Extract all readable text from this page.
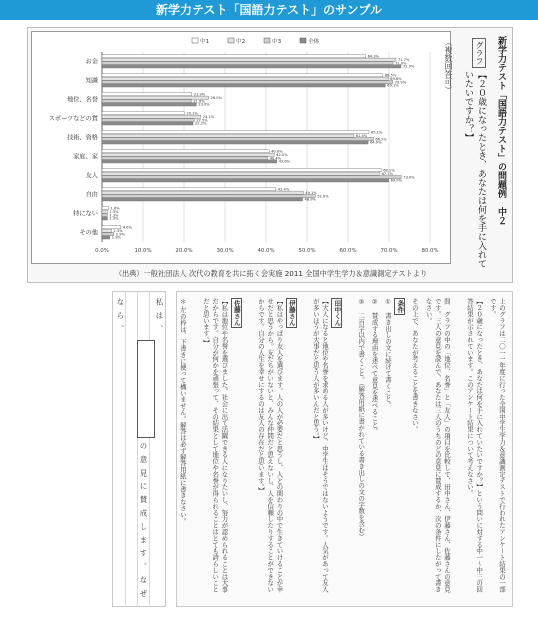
新学力テスト「国語力テスト」のサンプル
0.0%	10.0%	20.0%	30.0%	40.0%	50.0%	60.0%	70.0%	80.0%
中1	中2	中3	全体
お金
64.3%
71.7%
71.0%
72.9%
知識
68.5%
69.8%
70.9%
69.1%
地位、名誉
21.9%
26.0%
21.8%
23.0%
スポーツなどの賞
20.1%
24.1%
22.5%
22.2%
技術、資格
65.1%
61.4%
66.2%
64.9%
家庭、家
40.8%
42.0%
40.4%
42.6%
友人
68.1%
67.7%
73.0%
69.9%
自由
42.4%
49.1%
52.0%
48.9%
特にない
1.6%
1.3%
1.3%
1.3%
その他
4.6%
2.3%
2.9%
1.9%
新学力テスト「国語力テスト」の問題例　中２
グラフ
【２０歳になったとき、あなたは何を手に入れていたいですか？】
（複数回答可）
（出典）一般社団法人 次代の教育を共に拓く会実施 2011 全国中学生学力＆意識測定テストより
私は、
の意見に賛成します。なぜ
なら、	上のグラフは二〇一一年度に行った全国中学生学力＆意識測定テストで行われたアンケート結果の一部です。
【２０歳になったとき、あなたは何を手に入れていたいですか？】という問いに対する中一〜中三の回答結果が示されています。このアンケート結果について考えなさい。
問　グラフの中の「地位、名誉」と「友人」の項目を比較して、田中さん、伊藤さん、佐藤さんの意見です。三人の意見を読んで、あなたは三人のうちのどの意見に賛成するか、次の条件にしたがって書きなさい。
その上で、あなたが考えることを書きなさい。
条件
①　書き出しの文に続けて書くこと。
②　賛成する理由を述べて意見を述べること。
③　二百字以内で書くこと。（解答用紙に書かれている書き出しの文の字数を含む）
田中くん
【大人になると地位や名誉を求める人が多いけど、中学生はそうではないようです。人気があって友人が多いほうが大事だと思う人が多いんだと思う。】
伊藤さん
【私はやっぱり友人を選びます。人の人が必要だと思うし、人との関わりの中で生きていけることが幸せだと思うから。友だちがいないと、みんな仲間だと思えないし、人を信頼したりすることができないからです。自分の人生を幸せにするのは友人の存在だと思います。】
佐藤さん
【私は地位や名誉を選びました。社会に出て活躍できる人になりたいし、努力が認められることは大事だからです。自分が何かを頑張って、その結果として地位や名誉が得られることはとても誇らしいことだと思います。】
＊ 左の枠は、下書きに使って構いません。解答は必ず解答用紙に書きなさい。
